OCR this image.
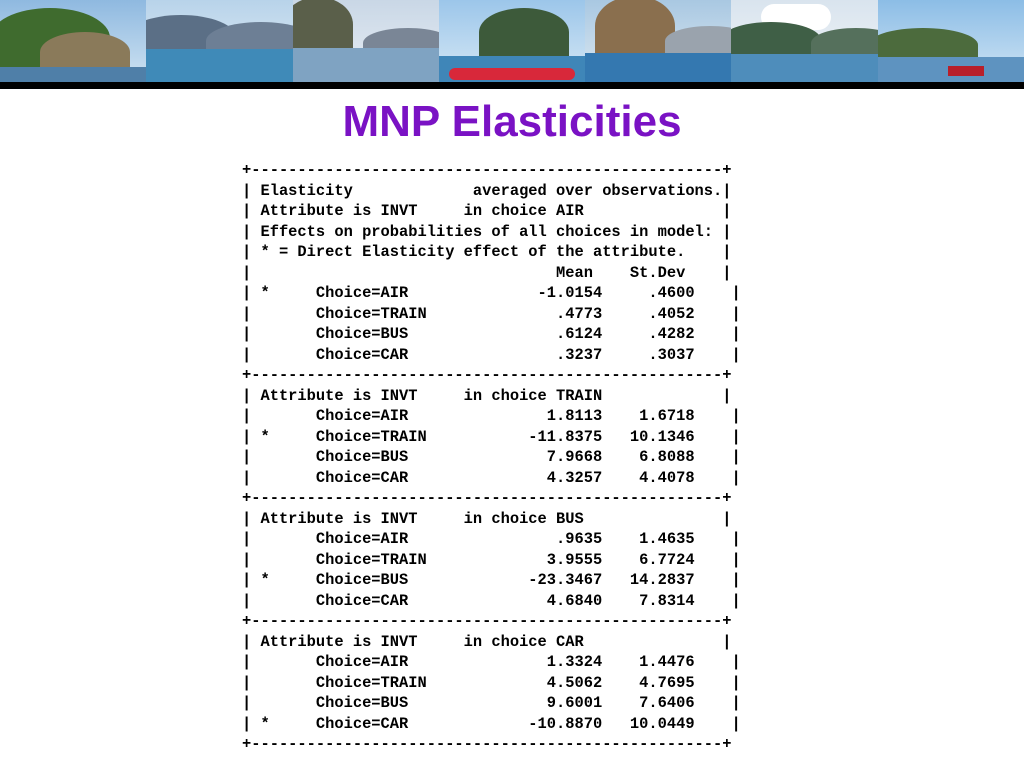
MNP Elasticities
+---------------------------------------------------+
| Elasticity             averaged over observations.|
| Attribute is INVT     in choice AIR               |
| Effects on probabilities of all choices in model: |
| * = Direct Elasticity effect of the attribute.    |
|                                 Mean    St.Dev    |
| *     Choice=AIR              -1.0154     .4600    |
|       Choice=TRAIN              .4773     .4052    |
|       Choice=BUS                .6124     .4282    |
|       Choice=CAR                .3237     .3037    |
+---------------------------------------------------+
| Attribute is INVT     in choice TRAIN             |
|       Choice=AIR               1.8113    1.6718    |
| *     Choice=TRAIN           -11.8375   10.1346    |
|       Choice=BUS               7.9668    6.8088    |
|       Choice=CAR               4.3257    4.4078    |
+---------------------------------------------------+
| Attribute is INVT     in choice BUS               |
|       Choice=AIR                .9635    1.4635    |
|       Choice=TRAIN             3.9555    6.7724    |
| *     Choice=BUS             -23.3467   14.2837    |
|       Choice=CAR               4.6840    7.8314    |
+---------------------------------------------------+
| Attribute is INVT     in choice CAR               |
|       Choice=AIR               1.3324    1.4476    |
|       Choice=TRAIN             4.5062    4.7695    |
|       Choice=BUS               9.6001    7.6406    |
| *     Choice=CAR             -10.8870   10.0449    |
+---------------------------------------------------+
